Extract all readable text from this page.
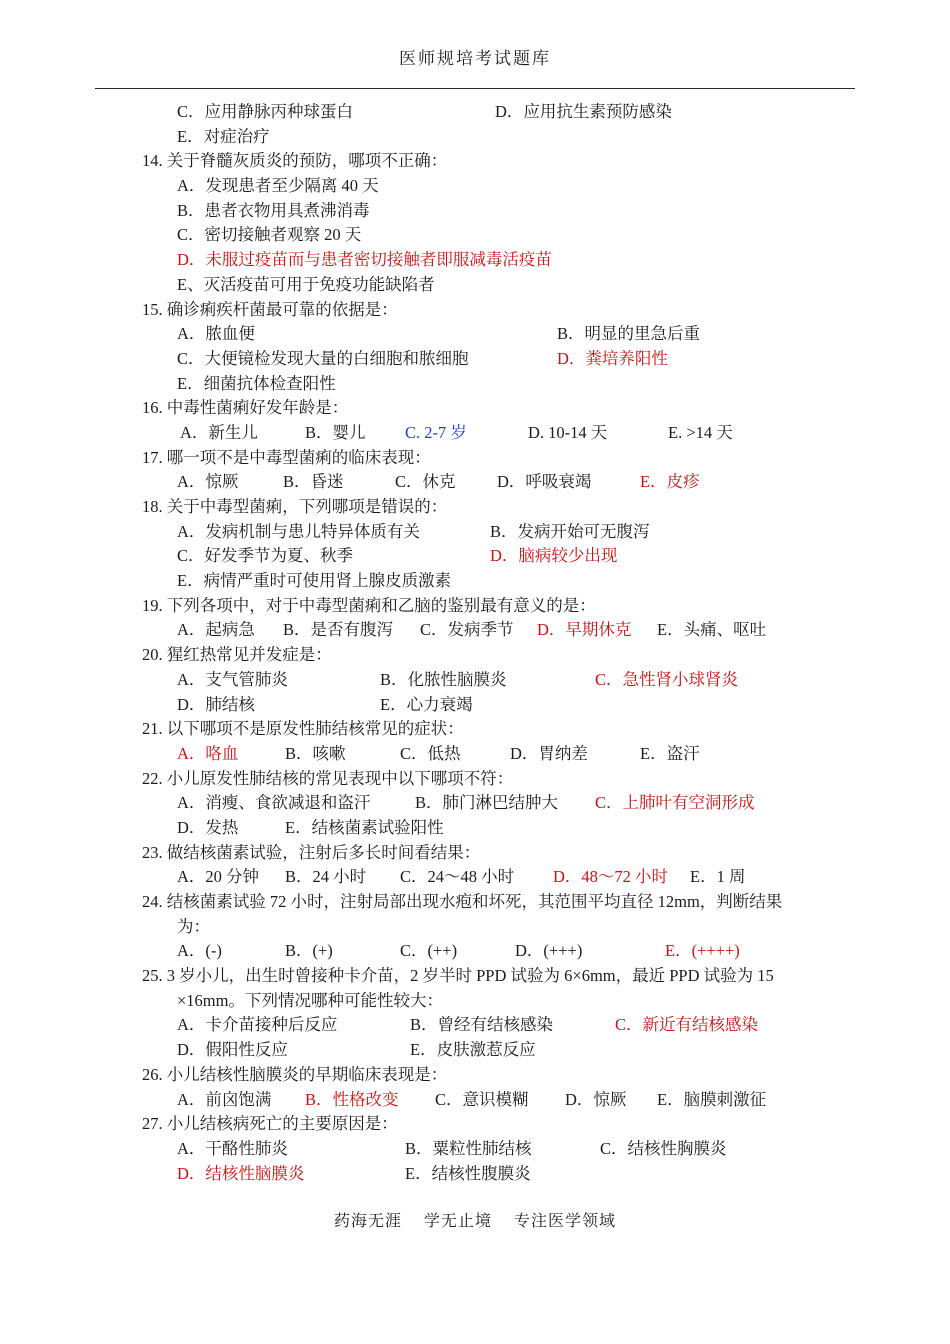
医师规培考试题库
C．应用静脉丙种球蛋白	D．应用抗生素预防感染
E．对症治疗
14. 关于脊髓灰质炎的预防，哪项不正确：
A．发现患者至少隔离 40 天
B．患者衣物用具煮沸消毒
C．密切接触者观察 20 天
D．未服过疫苗而与患者密切接触者即服减毒活疫苗
E、灭活疫苗可用于免疫功能缺陷者
15. 确诊痢疾杆菌最可靠的依据是：
A．脓血便	B．明显的里急后重
C．大便镜检发现大量的白细胞和脓细胞	D．粪培养阳性
E．细菌抗体检查阳性
16. 中毒性菌痢好发年龄是：
A．新生儿	B．婴儿 C. 2-7 岁	D. 10-14 天	E. >14 天
17. 哪一项不是中毒型菌痢的临床表现：
A．惊厥	B．昏迷	C．休克	D．呼吸衰竭	E．皮疹
18. 关于中毒型菌痢，下列哪项是错误的：
A．发病机制与患儿特异体质有关	B．发病开始可无腹泻
C．好发季节为夏、秋季	D．脑病较少出现
E．病情严重时可使用肾上腺皮质激素
19. 下列各项中，对于中毒型菌痢和乙脑的鉴别最有意义的是：
A．起病急 B．是否有腹泻 C．发病季节 D．早期休克 E．头痛、呕吐
20. 猩红热常见并发症是：
A．支气管肺炎	B．化脓性脑膜炎	C．急性肾小球肾炎
D．肺结核	E．心力衰竭
21. 以下哪项不是原发性肺结核常见的症状：
A．咯血	B．咳嗽	C．低热	D．胃纳差	E．盗汗
22. 小儿原发性肺结核的常见表现中以下哪项不符：
A．消瘦、食欲减退和盗汗	B．肺门淋巴结肿大 C．上肺叶有空洞形成
D．发热	E．结核菌素试验阳性
23. 做结核菌素试验，注射后多长时间看结果：
A．20 分钟 B．24 小时 C．24～48 小时 D．48～72 小时 E．1 周
24. 结核菌素试验 72 小时，注射局部出现水疱和坏死，其范围平均直径 12mm，判断结果
为：
A．(-)	B．(+)	C．(++)	D．(+++)	E．(++++)
25. 3 岁小儿，出生时曾接种卡介苗，2 岁半时 PPD 试验为 6×6mm，最近 PPD 试验为 15
×16mm。下列情况哪种可能性较大：
A．卡介苗接种后反应	B．曾经有结核感染	C．新近有结核感染
D．假阳性反应	E．皮肤激惹反应
26. 小儿结核性脑膜炎的早期临床表现是：
A．前囟饱满 B．性格改变 C．意识模糊 D．惊厥 E．脑膜刺激征
27. 小儿结核病死亡的主要原因是：
A．干酪性肺炎	B．粟粒性肺结核	C．结核性胸膜炎
D．结核性脑膜炎	E．结核性腹膜炎
药海无涯　 学无止境　 专注医学领域
